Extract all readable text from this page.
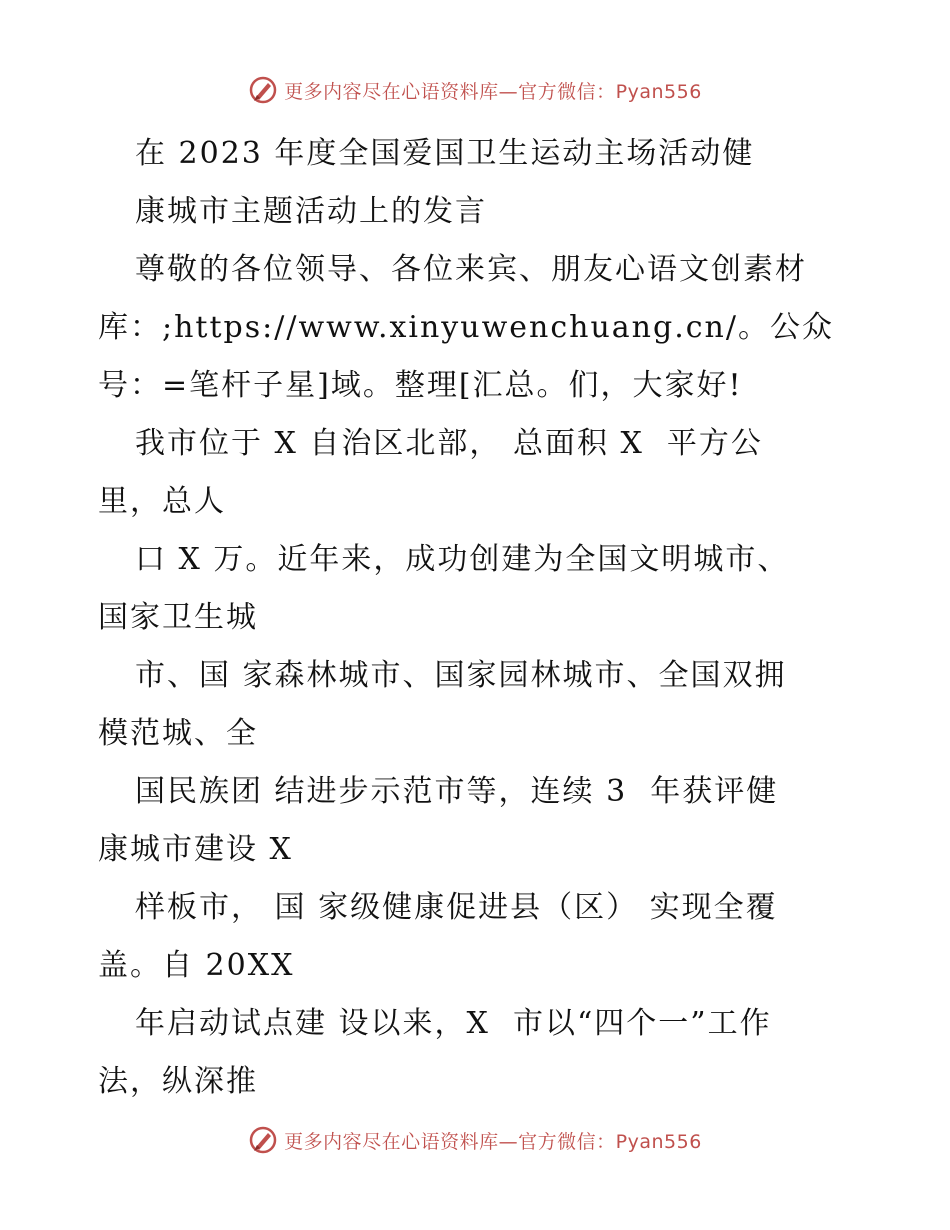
更多内容尽在心语资料库—官方微信：Pyan556
在 2023 年度全国爱国卫生运动主场活动健
康城市主题活动上的发言
尊敬的各位领导、各位来宾、朋友心语文创素材
库：;https://www.xinyuwenchuang.cn/。公众
号：=笔杆子星]域。整理[汇总。们，大家好!
我市位于 X 自治区北部， 总面积 X  平方公
里，总人
口 X 万。近年来，成功创建为全国文明城市、
国家卫生城
市、国 家森林城市、国家园林城市、全国双拥
模范城、全
国民族团 结进步示范市等，连续 3  年获评健
康城市建设 X
样板市， 国 家级健康促进县（区） 实现全覆
盖。自 20XX
年启动试点建 设以来，X  市以“四个一”工作
法，纵深推
更多内容尽在心语资料库—官方微信：Pyan556
